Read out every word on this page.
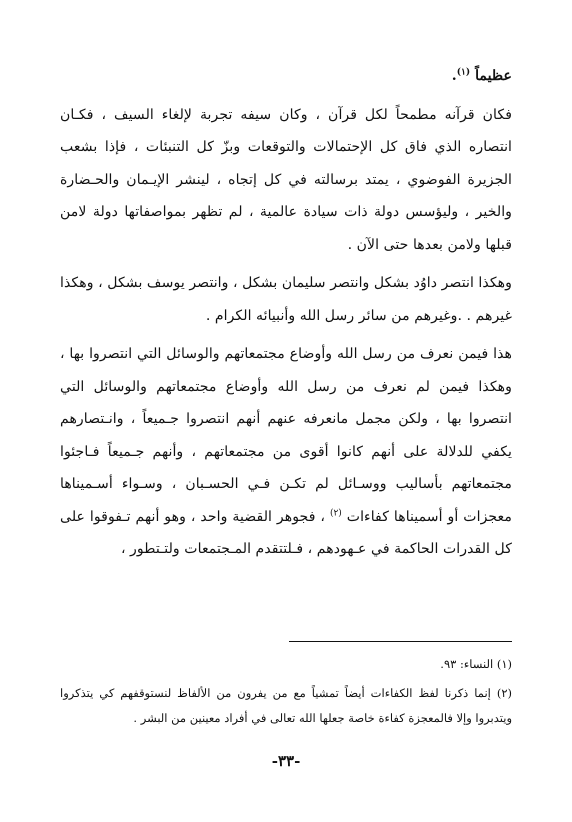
عظيماً‏ $^{(١)}$.

فكان قرآنه مطمحاً لكل قرآن ، وكان سيفه تجربة لإلغاء السيف ، فكـان انتصاره الذي فاق كل الإحتمالات والتوقعات وبزّ كل التنبئات ، فإذا بشعب الجزيرة الفوضوي ، يمتد برسالته في كل إتجاه ، لينشر الإيـمان والحـضارة والخير ، وليؤسس دولة ذات سيادة عالمية ، لم تظهر بمواصفاتها دولة لامن قبلها ولامن بعدها حتى الآن .

وهكذا انتصر داوُد بشكل وانتصر سليمان بشكل ، وانتصر يوسف بشكل ، وهكذا غيرهم . .وغيرهم من سائر رسل الله وأنبيائه الكرام .

هذا فيمن نعرف من رسل الله وأوضاع مجتمعاتهم والوسائل التي انتصروا بها ، وهكذا فيمن لم نعرف من رسل الله وأوضاع مجتمعاتهم والوسائل التي انتصروا بها ، ولكن مجمل مانعرفه عنهم أنهم انتصروا جـميعاً ، وانـتصارهم يكفي للدلالة على أنهم كانوا أقوى من مجتمعاتهم ، وأنهم جـميعاً فـاجئوا مجتمعاتهم بأساليب ووسـائل لم تكـن فـي الحسـبان ، وسـواء أسـميناها معجزات أو أسميناها كفاءات $^{(٢)}$ ، فجوهر القضية واحد ، وهو أنهم تـفوقوا على كل القدرات الحاكمة في عـهودهم ، فـلتتقدم المـجتمعات ولتـتطور ،

(١) النساء: ٩٣.

(٢) إنما ذكرنا لفظ الكفاءات أيضاً تمشياً مع من يفرون من الألفاظ لنستوقفهم كي يتذكروا ويتدبروا وإلا فالمعجزة كفاءة خاصة جعلها الله تعالى في أفراد معينين من البشر .

-٣٣-
